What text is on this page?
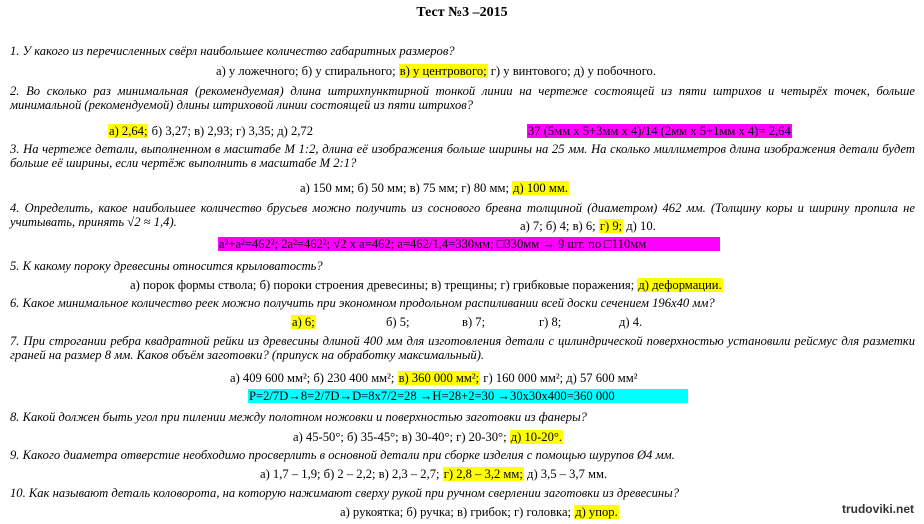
Тест №3 –2015
1. У какого из перечисленных свёрл наибольшее количество габаритных размеров?
а) у ложечного; б) у спирального; в) у центрового; г) у винтового; д) у побочного.
2. Во сколько раз минимальная (рекомендуемая) длина штрихпунктирной тонкой линии на чертеже состоящей из пяти штрихов и четырёх точек, больше минимальной (рекомендуемой) длины штриховой линии состоящей из пяти штрихов?
а) 2,64; б) 3,27; в) 2,93; г) 3,35; д) 2,72	37 (5мм х 5+3мм х 4)/14 (2мм х 5+1мм х 4)= 2,64
3. На чертеже детали, выполненном в масштабе М 1:2, длина её изображения больше ширины на 25 мм. На сколько миллиметров длина изображения детали будет больше её ширины, если чертёж выполнить в масштабе М 2:1?
а) 150 мм; б) 50 мм; в) 75 мм; г) 80 мм; д) 100 мм.
4. Определить, какое наибольшее количество брусьев можно получить из соснового бревна толщиной (диаметром) 462 мм. (Толщину коры и ширину пропила не учитывать, принять √2 ≈ 1,4).	а) 7; б) 4; в) 6; г) 9; д) 10.
a²+a²=462²; 2a²=462²; √2 x a=462; a=462/1,4=330мм; □330мм → 9 шт. по □110мм
5. К какому пороку древесины относится крыловатость?
а) порок формы ствола; б) пороки строения древесины; в) трещины; г) грибковые поражения; д) деформации.
6. Какое минимальное количество реек можно получить при экономном продольном распиливании всей доски сечением 196x40 мм?
а) 6;	б) 5;	в) 7;	г) 8;	д) 4.
7. При строгании ребра квадратной рейки из древесины длиной 400 мм для изготовления детали с цилиндрической поверхностью установили рейсмус для разметки граней на размер 8 мм. Каков объём заготовки? (припуск на обработку максимальный).
а) 409 600 мм²; б) 230 400 мм²; в) 360 000 мм²; г) 160 000 мм²; д) 57 600 мм²
P=2/7D→8=2/7D→D=8x7/2=28 →H=28+2=30 →30x30x400=360 000
8. Какой должен быть угол при пилении между полотном ножовки и поверхностью заготовки из фанеры?
а) 45-50°; б) 35-45°; в) 30-40°; г) 20-30°; д) 10-20°.
9. Какого диаметра отверстие необходимо просверлить в основной детали при сборке изделия с помощью шурупов Ø4 мм.
а) 1,7 – 1,9; б) 2 – 2,2; в) 2,3 – 2,7; г) 2,8 – 3,2 мм; д) 3,5 – 3,7 мм.
10. Как называют деталь коловорота, на которую нажимают сверху рукой при ручном сверлении заготовки из древесины?
а) рукоятка; б) ручка; в) грибок; г) головка; д) упор.	trudoviki.net
